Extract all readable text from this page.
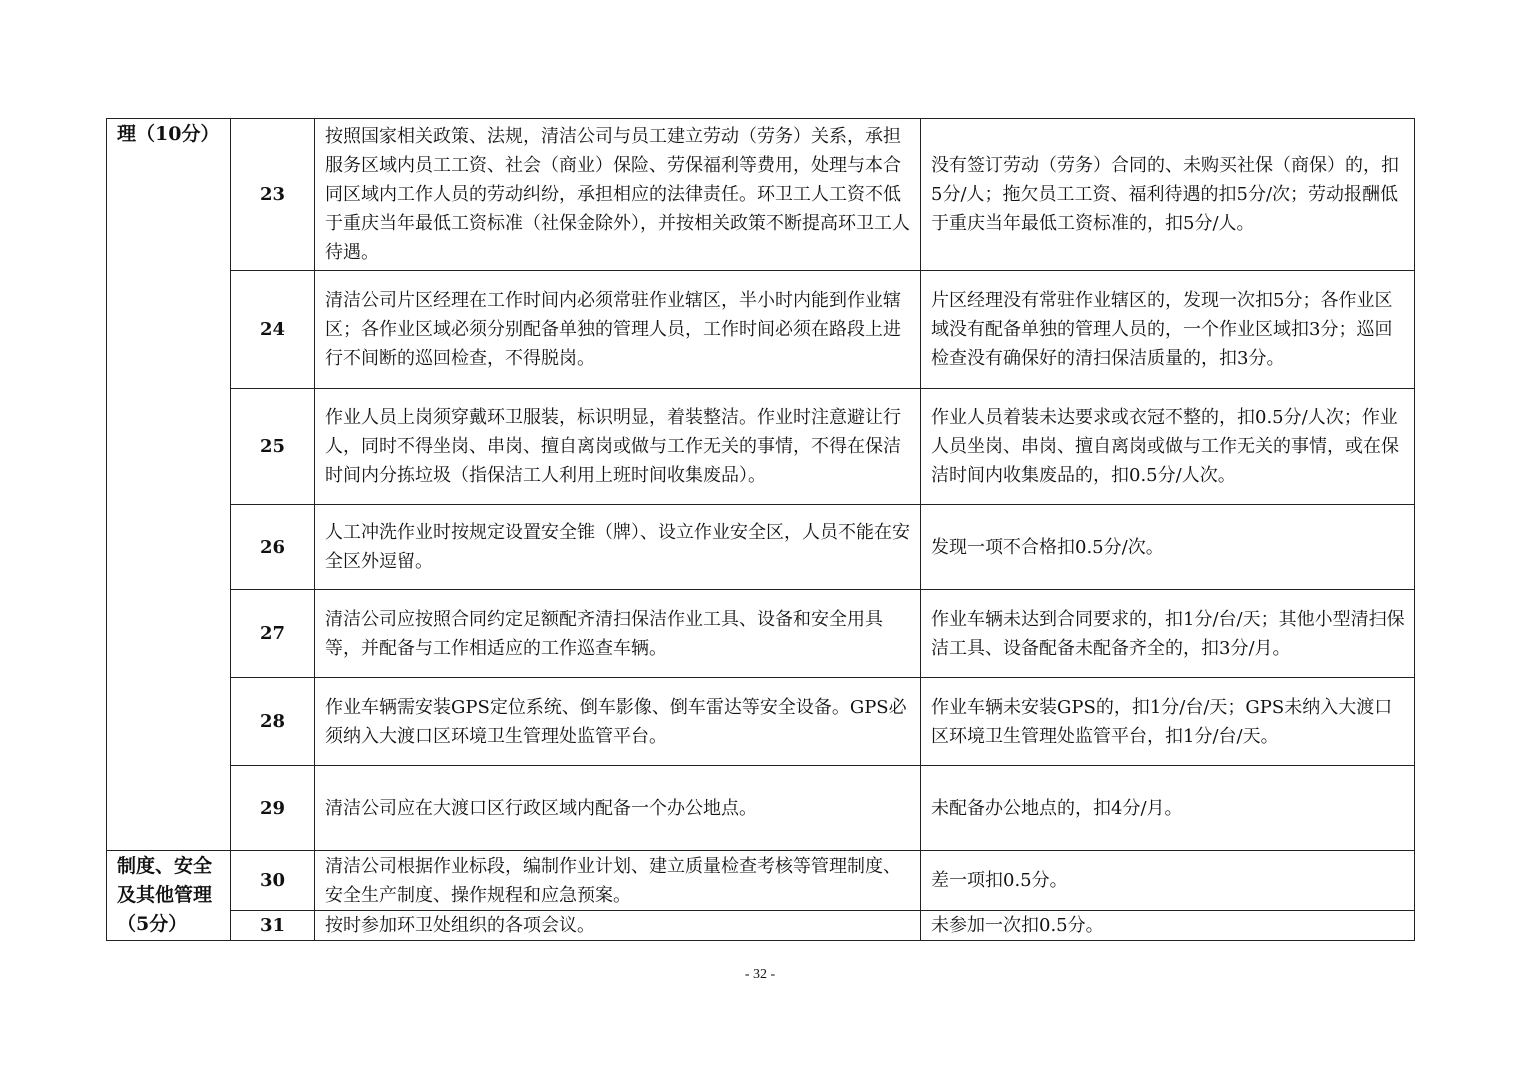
理（10分）	23	按照国家相关政策、法规，清洁公司与员工建立劳动（劳务）关系，承担服务区域内员工工资、社会（商业）保险、劳保福利等费用，处理与本合同区域内工作人员的劳动纠纷，承担相应的法律责任。环卫工人工资不低于重庆当年最低工资标准（社保金除外），并按相关政策不断提高环卫工人待遇。	没有签订劳动（劳务）合同的、未购买社保（商保）的，扣5分/人；拖欠员工工资、福利待遇的扣5分/次；劳动报酬低于重庆当年最低工资标准的，扣5分/人。
	24	清洁公司片区经理在工作时间内必须常驻作业辖区，半小时内能到作业辖区；各作业区域必须分别配备单独的管理人员，工作时间必须在路段上进行不间断的巡回检查，不得脱岗。	片区经理没有常驻作业辖区的，发现一次扣5分；各作业区域没有配备单独的管理人员的，一个作业区域扣3分；巡回检查没有确保好的清扫保洁质量的，扣3分。
	25	作业人员上岗须穿戴环卫服装，标识明显，着装整洁。作业时注意避让行人，同时不得坐岗、串岗、擅自离岗或做与工作无关的事情，不得在保洁时间内分拣垃圾（指保洁工人利用上班时间收集废品）。	作业人员着装未达要求或衣冠不整的，扣0.5分/人次；作业人员坐岗、串岗、擅自离岗或做与工作无关的事情，或在保洁时间内收集废品的，扣0.5分/人次。
	26	人工冲洗作业时按规定设置安全锥（牌）、设立作业安全区，人员不能在安全区外逗留。	发现一项不合格扣0.5分/次。
	27	清洁公司应按照合同约定足额配齐清扫保洁作业工具、设备和安全用具等，并配备与工作相适应的工作巡查车辆。	作业车辆未达到合同要求的，扣1分/台/天；其他小型清扫保洁工具、设备配备未配备齐全的，扣3分/月。
	28	作业车辆需安装GPS定位系统、倒车影像、倒车雷达等安全设备。GPS必须纳入大渡口区环境卫生管理处监管平台。	作业车辆未安装GPS的，扣1分/台/天；GPS未纳入大渡口区环境卫生管理处监管平台，扣1分/台/天。
	29	清洁公司应在大渡口区行政区域内配备一个办公地点。	未配备办公地点的，扣4分/月。
制度、安全及其他管理（5分）	30	清洁公司根据作业标段，编制作业计划、建立质量检查考核等管理制度、安全生产制度、操作规程和应急预案。	差一项扣0.5分。
	31	按时参加环卫处组织的各项会议。	未参加一次扣0.5分。
- 32 -
